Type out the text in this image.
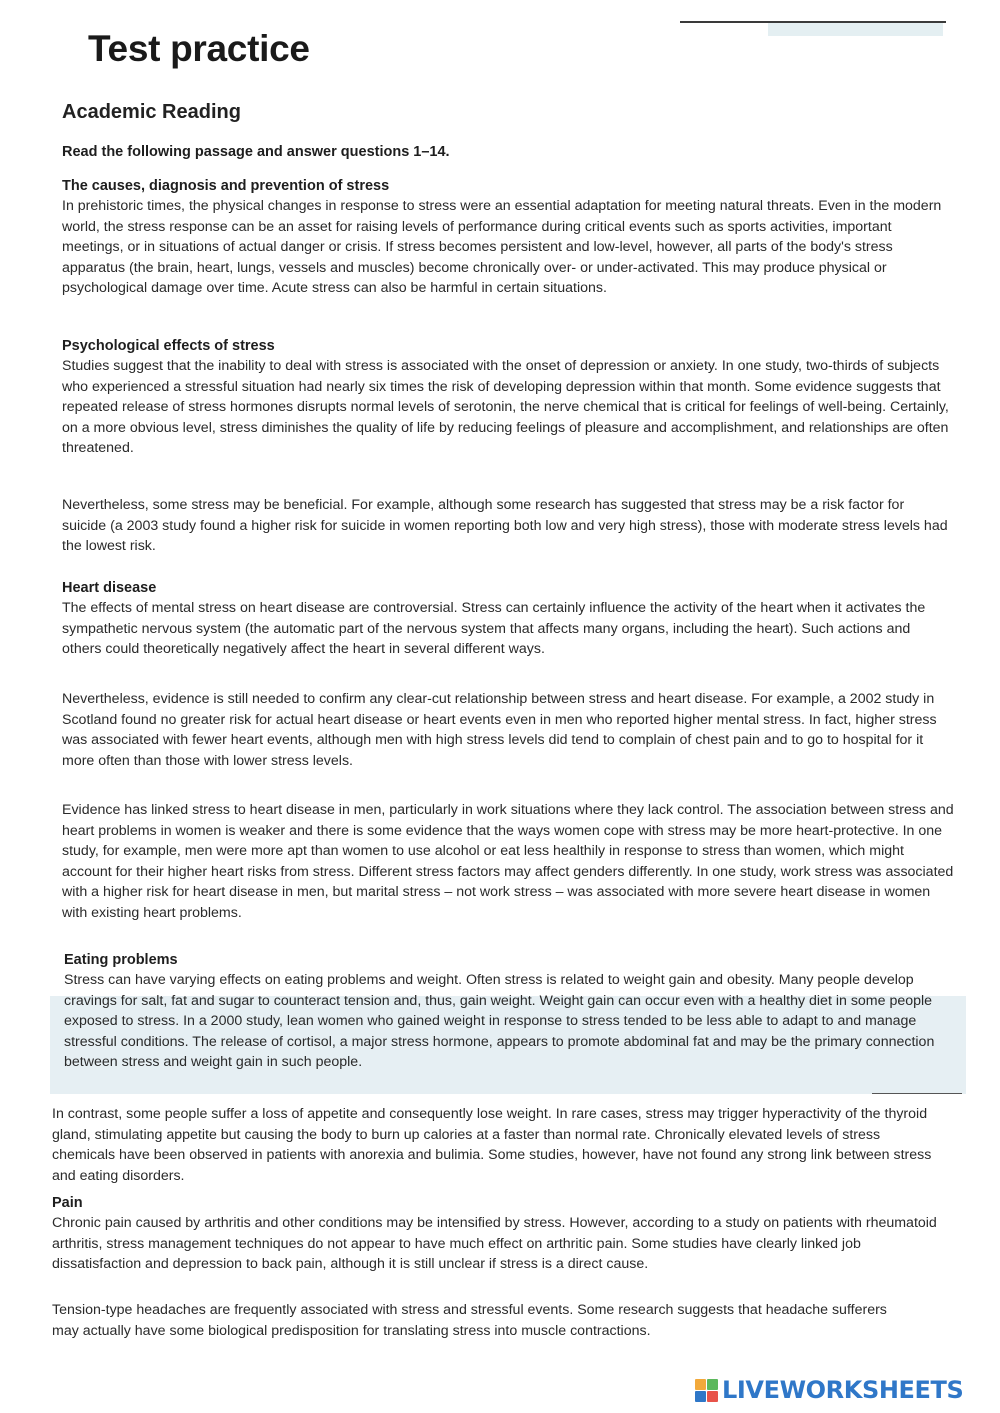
Test practice
Academic Reading

Read the following passage and answer questions 1–14.

The causes, diagnosis and prevention of stress

In prehistoric times, the physical changes in response to stress were an essential adaptation for meeting natural threats. Even in the modern world, the stress response can be an asset for raising levels of performance during critical events such as sports activities, important meetings, or in situations of actual danger or crisis. If stress becomes persistent and low-level, however, all parts of the body's stress apparatus (the brain, heart, lungs, vessels and muscles) become chronically over- or under-activated. This may produce physical or psychological damage over time. Acute stress can also be harmful in certain situations.

Psychological effects of stress

Studies suggest that the inability to deal with stress is associated with the onset of depression or anxiety. In one study, two-thirds of subjects who experienced a stressful situation had nearly six times the risk of developing depression within that month. Some evidence suggests that repeated release of stress hormones disrupts normal levels of serotonin, the nerve chemical that is critical for feelings of well-being. Certainly, on a more obvious level, stress diminishes the quality of life by reducing feelings of pleasure and accomplishment, and relationships are often threatened.

Nevertheless, some stress may be beneficial. For example, although some research has suggested that stress may be a risk factor for suicide (a 2003 study found a higher risk for suicide in women reporting both low and very high stress), those with moderate stress levels had the lowest risk.

Heart disease

The effects of mental stress on heart disease are controversial. Stress can certainly influence the activity of the heart when it activates the sympathetic nervous system (the automatic part of the nervous system that affects many organs, including the heart). Such actions and others could theoretically negatively affect the heart in several different ways.

Nevertheless, evidence is still needed to confirm any clear-cut relationship between stress and heart disease. For example, a 2002 study in Scotland found no greater risk for actual heart disease or heart events even in men who reported higher mental stress. In fact, higher stress was associated with fewer heart events, although men with high stress levels did tend to complain of chest pain and to go to hospital for it more often than those with lower stress levels.

Evidence has linked stress to heart disease in men, particularly in work situations where they lack control. The association between stress and heart problems in women is weaker and there is some evidence that the ways women cope with stress may be more heart-protective. In one study, for example, men were more apt than women to use alcohol or eat less healthily in response to stress than women, which might account for their higher heart risks from stress. Different stress factors may affect genders differently. In one study, work stress was associated with a higher risk for heart disease in men, but marital stress – not work stress – was associated with more severe heart disease in women with existing heart problems.

Eating problems

Stress can have varying effects on eating problems and weight. Often stress is related to weight gain and obesity. Many people develop cravings for salt, fat and sugar to counteract tension and, thus, gain weight. Weight gain can occur even with a healthy diet in some people exposed to stress. In a 2000 study, lean women who gained weight in response to stress tended to be less able to adapt to and manage stressful conditions. The release of cortisol, a major stress hormone, appears to promote abdominal fat and may be the primary connection between stress and weight gain in such people.

In contrast, some people suffer a loss of appetite and consequently lose weight. In rare cases, stress may trigger hyperactivity of the thyroid gland, stimulating appetite but causing the body to burn up calories at a faster than normal rate. Chronically elevated levels of stress chemicals have been observed in patients with anorexia and bulimia. Some studies, however, have not found any strong link between stress and eating disorders.

Pain

Chronic pain caused by arthritis and other conditions may be intensified by stress. However, according to a study on patients with rheumatoid arthritis, stress management techniques do not appear to have much effect on arthritic pain. Some studies have clearly linked job dissatisfaction and depression to back pain, although it is still unclear if stress is a direct cause.

Tension-type headaches are frequently associated with stress and stressful events. Some research suggests that headache sufferers may actually have some biological predisposition for translating stress into muscle contractions.

LIVEWORKSHEETS
